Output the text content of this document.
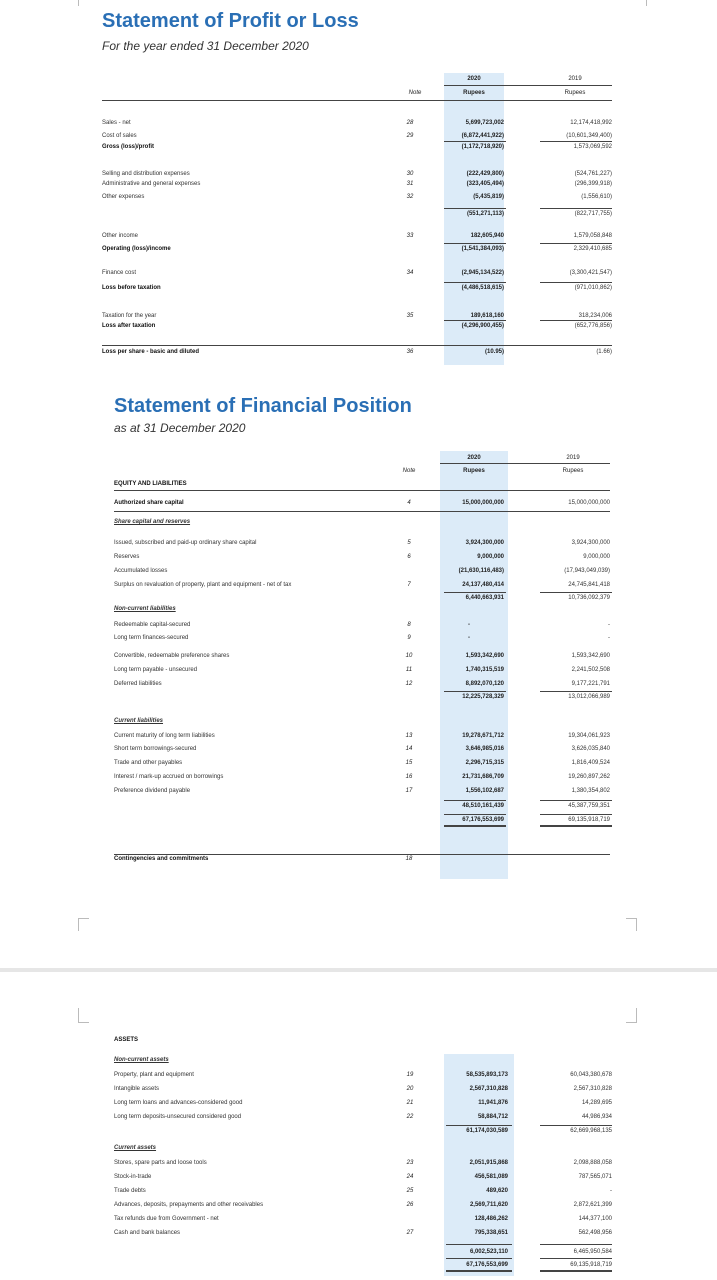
Statement of Profit or Loss
For the year ended 31 December 2020
2020	2019
Note	Rupees	Rupees
Sales - net	28	5,699,723,002	12,174,418,992
Cost of sales	29	(6,872,441,922)	(10,601,349,400)
Gross (loss)/profit	(1,172,718,920)	1,573,069,592
Selling and distribution expenses	30	(222,429,800)	(524,761,227)
Administrative and general expenses	31	(323,405,494)	(296,399,918)
Other expenses	32	(5,435,819)	(1,556,610)
(551,271,113)	(822,717,755)
Other income	33	182,605,940	1,579,058,848
Operating (loss)/income	(1,541,384,093)	2,329,410,685
Finance cost	34	(2,945,134,522)	(3,300,421,547)
Loss before taxation	(4,486,518,615)	(971,010,862)
Taxation for the year	35	189,618,160	318,234,006
Loss after taxation	(4,296,900,455)	(652,776,856)
Loss per share - basic and diluted	36	(10.95)	(1.66)
Statement of Financial Position
as at 31 December 2020
2020	2019
Note	Rupees	Rupees
EQUITY AND LIABILITIES
Authorized share capital	4	15,000,000,000	15,000,000,000
Share capital and reserves
Issued, subscribed and paid-up ordinary share capital	5	3,924,300,000	3,924,300,000
Reserves	6	9,000,000	9,000,000
Accumulated losses	(21,630,116,483)	(17,943,049,039)
Surplus on revaluation of property, plant and equipment - net of tax	7	24,137,480,414	24,745,841,418
6,440,663,931	10,736,092,379
Redeemable capital-secured	8	-	-
Long term finances-secured	9	-	-
Convertible, redeemable preference shares	10	1,593,342,690	1,593,342,690
Long term payable - unsecured	11	1,740,315,519	2,241,502,508
Deferred liabilities	12	8,892,070,120	9,177,221,791
12,225,728,329	13,012,066,989
Current maturity of long term liabilities	13	19,278,671,712	19,304,061,923
Short term borrowings-secured	14	3,646,985,016	3,626,035,840
Trade and other payables	15	2,296,715,315	1,816,409,524
Interest / mark-up accrued on borrowings	16	21,731,686,709	19,260,897,262
Preference dividend payable	17	1,556,102,687	1,380,354,802
48,510,161,439	45,387,759,351
67,176,553,699	69,135,918,719
Non-current liabilities
Current liabilities
Contingencies and commitments	18
ASSETS
Non-current assets
Current assets
Property, plant and equipment	19	58,535,893,173	60,043,380,678
Intangible assets	20	2,567,310,828	2,567,310,828
Long term loans and advances-considered good	21	11,941,876	14,289,695
Long term deposits-unsecured considered good	22	58,884,712	44,986,934
61,174,030,589	62,669,968,135
Stores, spare parts and loose tools	23	2,051,915,868	2,098,888,058
Stock-in-trade	24	456,581,089	787,565,071
Trade debts	25	489,620	-
Advances, deposits, prepayments and other receivables	26	2,569,711,620	2,872,621,399
Tax refunds due from Government - net	128,486,262	144,377,100
Cash and bank balances	27	795,338,651	562,498,956
6,002,523,110	6,465,950,584
67,176,553,699	69,135,918,719
